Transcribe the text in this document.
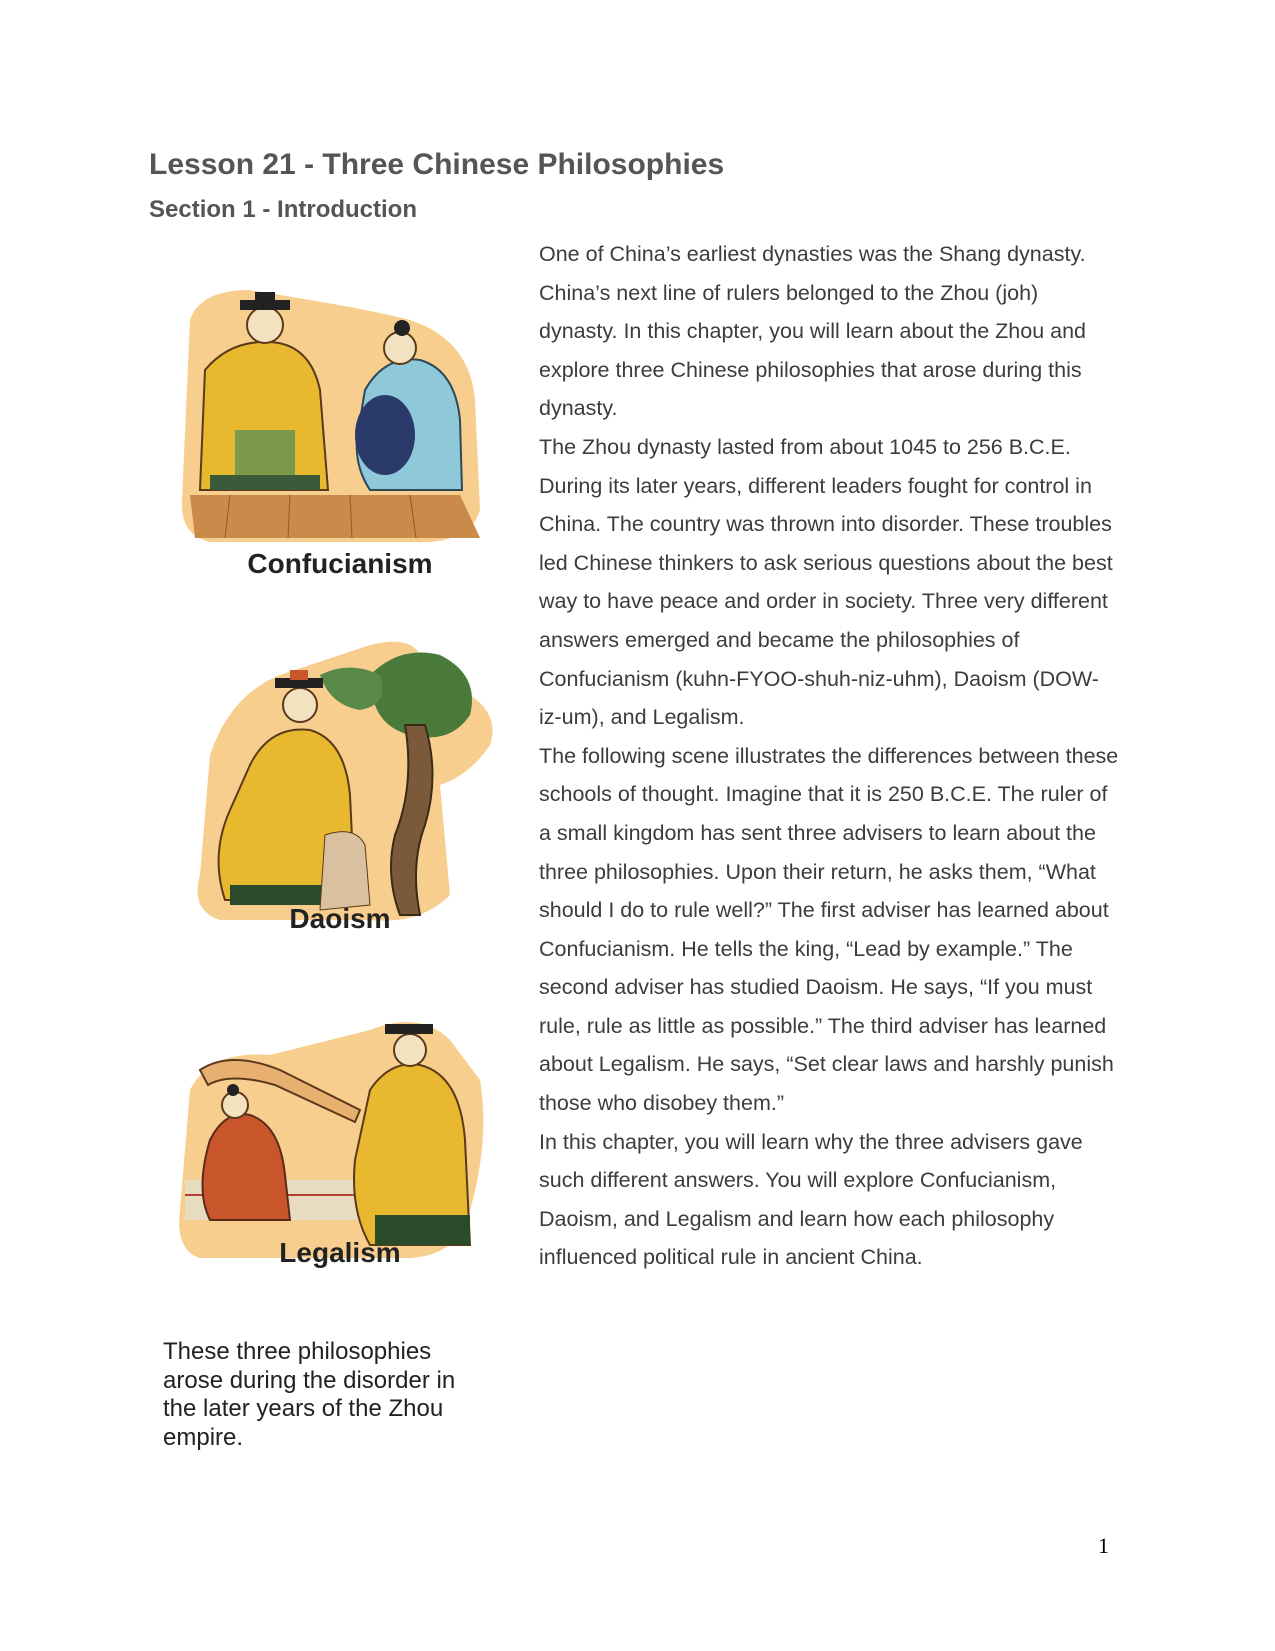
Lesson 21 - Three Chinese Philosophies
Section 1 - Introduction
Confucianism
Daoism
Legalism

These three philosophies arose during the disorder in the later years of the Zhou empire.

One of China’s earliest dynasties was the Shang dynasty. China’s next line of rulers belonged to the Zhou (joh) dynasty. In this chapter, you will learn about the Zhou and explore three Chinese philosophies that arose during this dynasty.

The Zhou dynasty lasted from about 1045 to 256 B.C.E. During its later years, different leaders fought for control in China. The country was thrown into disorder. These troubles led Chinese thinkers to ask serious questions about the best way to have peace and order in society. Three very different answers emerged and became the philosophies of Confucianism (kuhn-FYOO-shuh-niz-uhm), Daoism (DOW-iz-um), and Legalism.

The following scene illustrates the differences between these schools of thought. Imagine that it is 250 B.C.E. The ruler of a small kingdom has sent three advisers to learn about the three philosophies. Upon their return, he asks them, “What should I do to rule well?” The first adviser has learned about Confucianism. He tells the king, “Lead by example.” The second adviser has studied Daoism. He says, “If you must rule, rule as little as possible.” The third adviser has learned about Legalism. He says, “Set clear laws and harshly punish those who disobey them.”

In this chapter, you will learn why the three advisers gave such different answers. You will explore Confucianism, Daoism, and Legalism and learn how each philosophy influenced political rule in ancient China.

1
